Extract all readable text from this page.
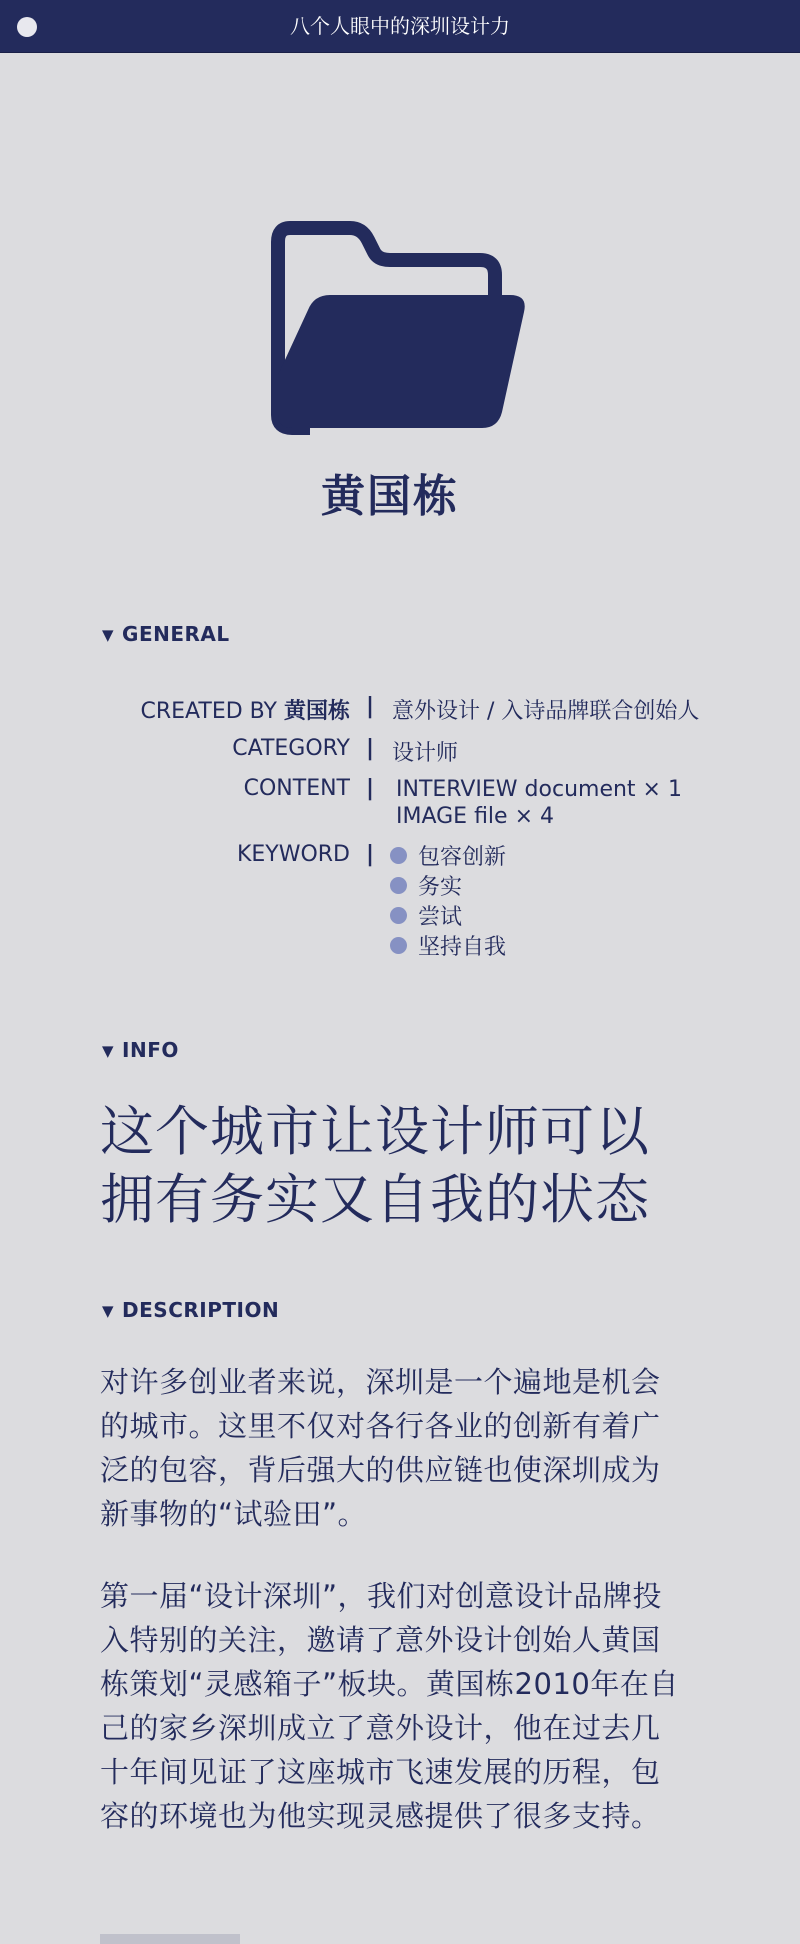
八个人眼中的深圳设计力
黄国栋
▼ GENERAL
CREATED BY 黄国栋 | 意外设计 / 入诗品牌联合创始人
CATEGORY | 设计师
CONTENT | INTERVIEW document × 1
IMAGE file × 4
KEYWORD | 包容创新
务实
尝试
坚持自我
▼ INFO
这个城市让设计师可以
拥有务实又自我的状态
▼ DESCRIPTION
对许多创业者来说，深圳是一个遍地是机会
的城市。这里不仅对各行各业的创新有着广
泛的包容，背后强大的供应链也使深圳成为
新事物的“试验田”。
第一届“设计深圳”，我们对创意设计品牌投
入特别的关注，邀请了意外设计创始人黄国
栋策划“灵感箱子”板块。黄国栋2010年在自
己的家乡深圳成立了意外设计，他在过去几
十年间见证了这座城市飞速发展的历程，包
容的环境也为他实现灵感提供了很多支持。
